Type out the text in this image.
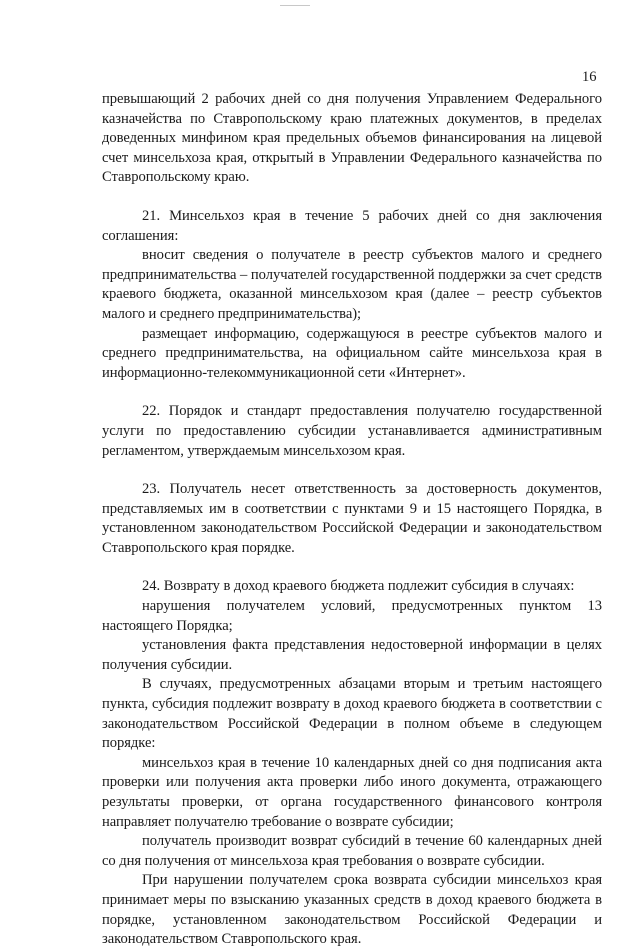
16

превышающий 2 рабочих дней со дня получения Управлением Федерального казначейства по Ставропольскому краю платежных документов, в пределах доведенных минфином края предельных объемов финансирования на лицевой счет минсельхоза края, открытый в Управлении Федерального казначейства по Ставропольскому краю.

21. Минсельхоз края в течение 5 рабочих дней со дня заключения соглашения:

вносит сведения о получателе в реестр субъектов малого и среднего предпринимательства – получателей государственной поддержки за счет средств краевого бюджета, оказанной минсельхозом края (далее – реестр субъектов малого и среднего предпринимательства);

размещает информацию, содержащуюся в реестре субъектов малого и среднего предпринимательства, на официальном сайте минсельхоза края в информационно-телекоммуникационной сети «Интернет».

22. Порядок и стандарт предоставления получателю государственной услуги по предоставлению субсидии устанавливается административным регламентом, утверждаемым минсельхозом края.

23. Получатель несет ответственность за достоверность документов, представляемых им в соответствии с пунктами 9 и 15 настоящего Порядка, в установленном законодательством Российской Федерации и законодательством Ставропольского края порядке.

24. Возврату в доход краевого бюджета подлежит субсидия в случаях:

нарушения получателем условий, предусмотренных пунктом 13 настоящего Порядка;

установления факта представления недостоверной информации в целях получения субсидии.

В случаях, предусмотренных абзацами вторым и третьим настоящего пункта, субсидия подлежит возврату в доход краевого бюджета в соответствии с законодательством Российской Федерации в полном объеме в следующем порядке:

минсельхоз края в течение 10 календарных дней со дня подписания акта проверки или получения акта проверки либо иного документа, отражающего результаты проверки, от органа государственного финансового контроля направляет получателю требование о возврате субсидии;

получатель производит возврат субсидий в течение 60 календарных дней со дня получения от минсельхоза края требования о возврате субсидии.

При нарушении получателем срока возврата субсидии минсельхоз края принимает меры по взысканию указанных средств в доход краевого бюджета в порядке, установленном законодательством Российской Федерации и законодательством Ставропольского края.
